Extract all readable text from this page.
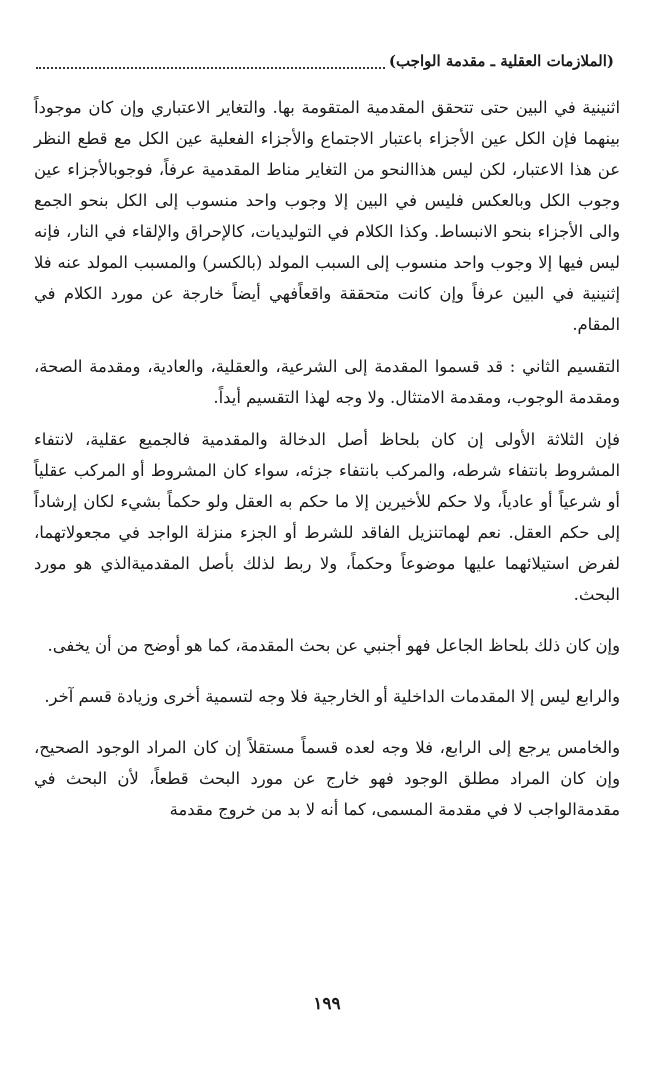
(الملازمات العقلية ـ مقدمة الواجب)

اثنينية في البين حتى تتحقق المقدمية المتقومة بها. والتغاير الاعتباري وإن كان موجوداً بينهما فإن الكل عين الأجزاء باعتبار الاجتماع والأجزاء الفعلية عين الكل مع قطع النظر عن هذا الاعتبار، لكن ليس هذاالنحو من التغاير مناط المقدمية عرفاً، فوجوبالأجزاء عين وجوب الكل وبالعكس فليس في البين إلا وجوب واحد منسوب إلى الكل بنحو الجمع والى الأجزاء بنحو الانبساط. وكذا الكلام في التوليديات، كالإحراق والإلقاء في النار، فإنه ليس فيها إلا وجوب واحد منسوب إلى السبب المولد (بالكسر) والمسبب المولد عنه فلا إثنينية في البين عرفاً وإن كانت متحققة واقعاًفهي أيضاً خارجة عن مورد الكلام في المقام.

التقسيم الثاني : قد قسموا المقدمة إلى الشرعية، والعقلية، والعادية، ومقدمة الصحة، ومقدمة الوجوب، ومقدمة الامتثال. ولا وجه لهذا التقسيم أيداً.

فإن الثلاثة الأولى إن كان بلحاظ أصل الدخالة والمقدمية فالجميع عقلية، لانتفاء المشروط بانتفاء شرطه، والمركب بانتفاء جزئه، سواء كان المشروط أو المركب عقلياً أو شرعياً أو عادياً، ولا حكم للأخيرين إلا ما حكم به العقل ولو حكماً بشيء لكان إرشاداً إلى حكم العقل. نعم لهماتنزيل الفاقد للشرط أو الجزء منزلة الواجد في مجعولاتهما، لفرض استيلائهما عليها موضوعاً وحكماً، ولا ربط لذلك بأصل المقدميةالذي هو مورد البحث.

وإن كان ذلك بلحاظ الجاعل فهو أجنبي عن بحث المقدمة، كما هو أوضح من أن يخفى.

والرابع ليس إلا المقدمات الداخلية أو الخارجية فلا وجه لتسمية أخرى وزيادة قسم آخر.

والخامس يرجع إلى الرابع، فلا وجه لعده قسماً مستقلاً إن كان المراد الوجود الصحيح، وإن كان المراد مطلق الوجود فهو خارج عن مورد البحث قطعاً، لأن البحث في مقدمةالواجب لا في مقدمة المسمى، كما أنه لا بد من خروج مقدمة

١٩٩
